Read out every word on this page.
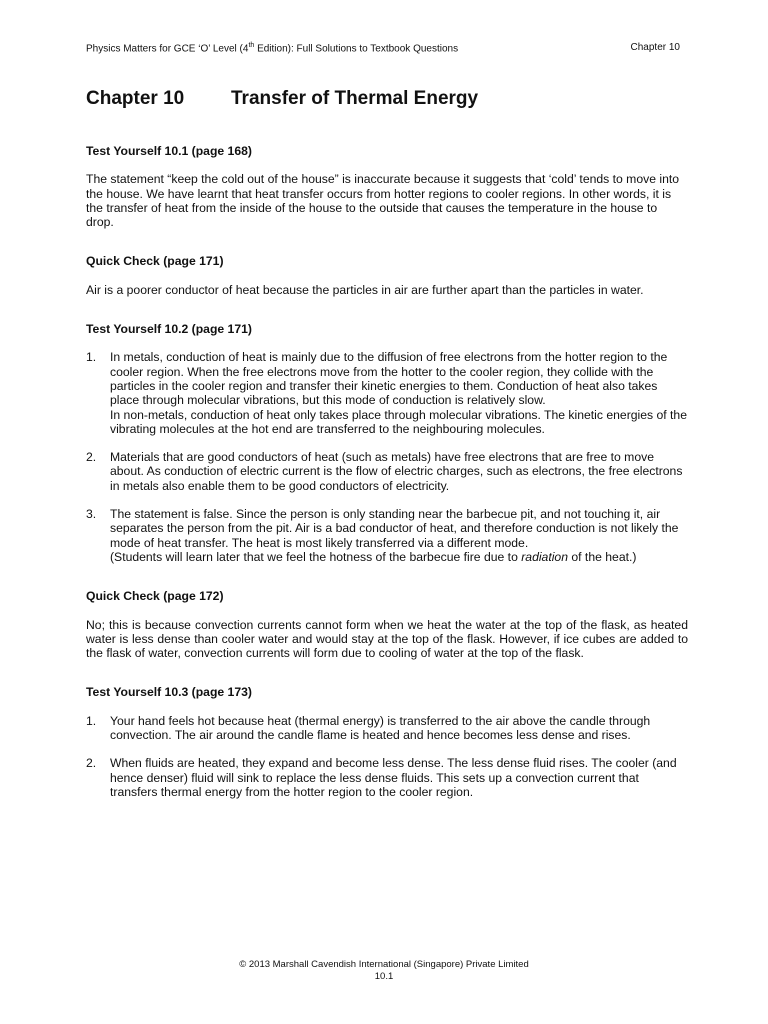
Physics Matters for GCE ‘O’ Level (4th Edition): Full Solutions to Textbook Questions	Chapter 10
Chapter 10 Transfer of Thermal Energy
Test Yourself 10.1 (page 168)
The statement “keep the cold out of the house” is inaccurate because it suggests that ‘cold’ tends to move into the house. We have learnt that heat transfer occurs from hotter regions to cooler regions. In other words, it is the transfer of heat from the inside of the house to the outside that causes the temperature in the house to drop.
Quick Check (page 171)
Air is a poorer conductor of heat because the particles in air are further apart than the particles in water.
Test Yourself 10.2 (page 171)
1.	In metals, conduction of heat is mainly due to the diffusion of free electrons from the hotter region to the cooler region. When the free electrons move from the hotter to the cooler region, they collide with the particles in the cooler region and transfer their kinetic energies to them. Conduction of heat also takes place through molecular vibrations, but this mode of conduction is relatively slow.
In non-metals, conduction of heat only takes place through molecular vibrations. The kinetic energies of the vibrating molecules at the hot end are transferred to the neighbouring molecules.
2.	Materials that are good conductors of heat (such as metals) have free electrons that are free to move about. As conduction of electric current is the flow of electric charges, such as electrons, the free electrons in metals also enable them to be good conductors of electricity.
3.	The statement is false. Since the person is only standing near the barbecue pit, and not touching it, air separates the person from the pit. Air is a bad conductor of heat, and therefore conduction is not likely the mode of heat transfer. The heat is most likely transferred via a different mode.
(Students will learn later that we feel the hotness of the barbecue fire due to radiation of the heat.)
Quick Check (page 172)
No; this is because convection currents cannot form when we heat the water at the top of the flask, as heated water is less dense than cooler water and would stay at the top of the flask. However, if ice cubes are added to the flask of water, convection currents will form due to cooling of water at the top of the flask.
Test Yourself 10.3 (page 173)
1.	Your hand feels hot because heat (thermal energy) is transferred to the air above the candle through convection. The air around the candle flame is heated and hence becomes less dense and rises.
2.	When fluids are heated, they expand and become less dense. The less dense fluid rises. The cooler (and hence denser) fluid will sink to replace the less dense fluids. This sets up a convection current that transfers thermal energy from the hotter region to the cooler region.
© 2013 Marshall Cavendish International (Singapore) Private Limited
10.1
